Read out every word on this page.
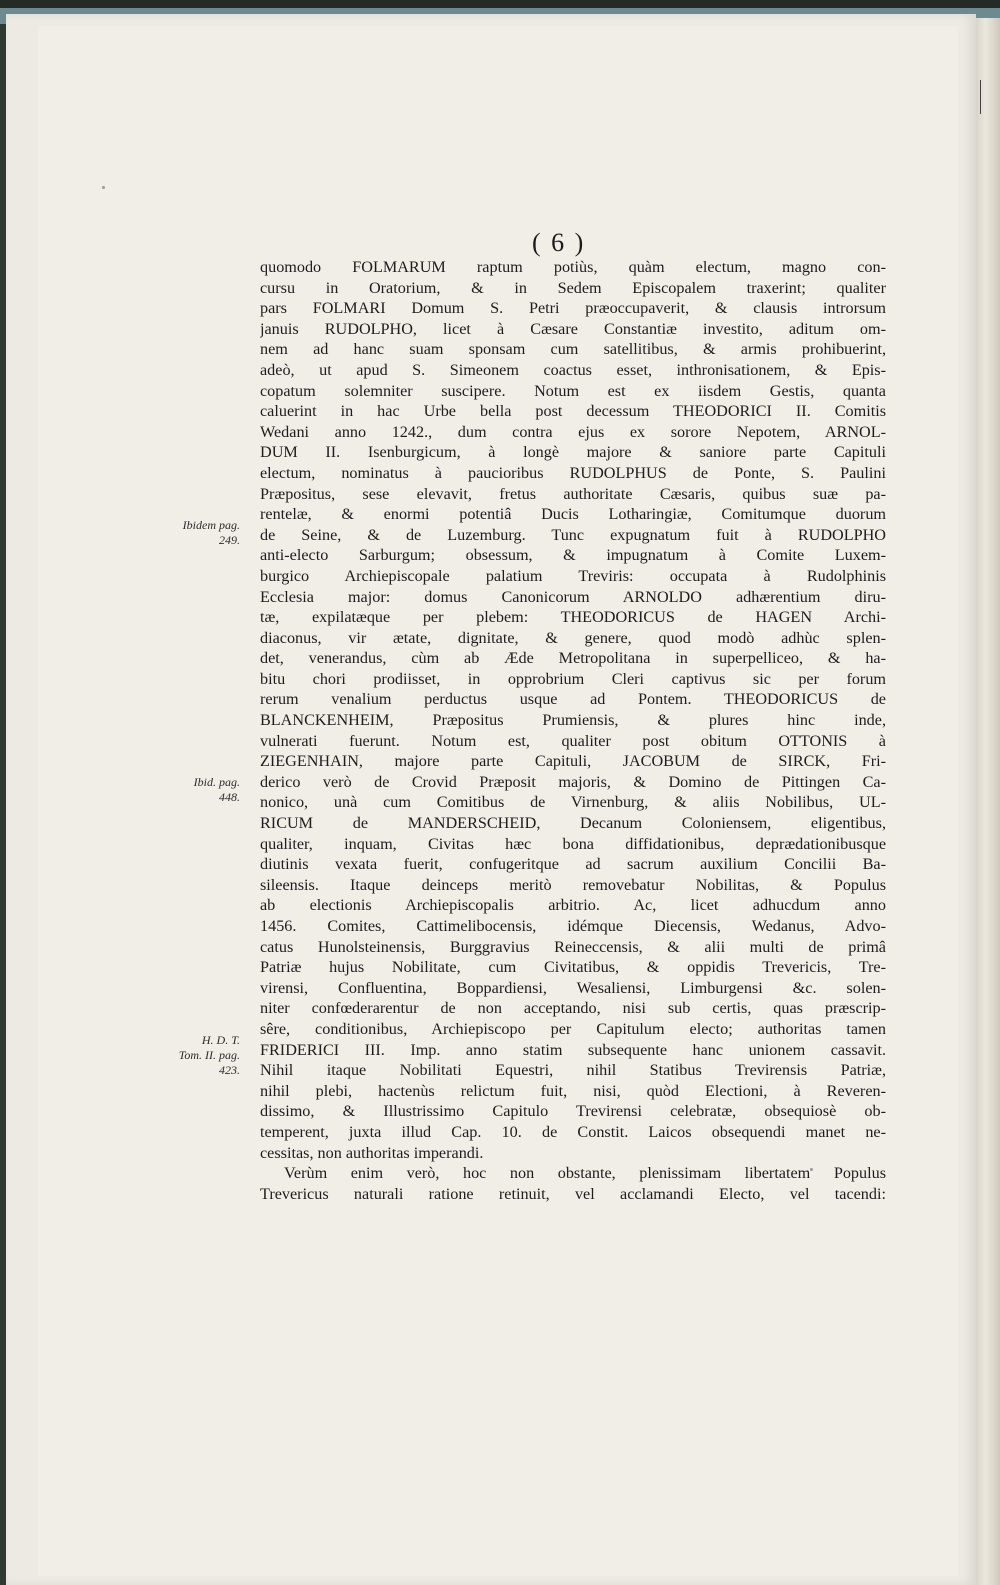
( 6 )
quomodo FOLMARUM raptum potiùs, quàm electum, magno con-
cursu in Oratorium, & in Sedem Episcopalem traxerint; qualiter
pars FOLMARI Domum S. Petri præoccupaverit, & clausis introrsum
januis RUDOLPHO, licet à Cæsare Constantiæ investito, aditum om-
nem ad hanc suam sponsam cum satellitibus, & armis prohibuerint,
adeò, ut apud S. Simeonem coactus esset, inthronisationem, & Epis-
copatum solemniter suscipere. Notum est ex iisdem Gestis, quanta
caluerint in hac Urbe bella post decessum THEODORICI II. Comitis
Wedani anno 1242., dum contra ejus ex sorore Nepotem, ARNOL-
DUM II. Isenburgicum, à longè majore & saniore parte Capituli
electum, nominatus à paucioribus RUDOLPHUS de Ponte, S. Paulini
Præpositus, sese elevavit, fretus authoritate Cæsaris, quibus suæ pa-
rentelæ, & enormi potentiâ Ducis Lotharingiæ, Comitumque duorum
de Seine, & de Luzemburg. Tunc expugnatum fuit à RUDOLPHO
anti-electo Sarburgum; obsessum, & impugnatum à Comite Luxem-
burgico Archiepiscopale palatium Treviris: occupata à Rudolphinis
Ecclesia major: domus Canonicorum ARNOLDO adhærentium diru-
tæ, expilatæque per plebem: THEODORICUS de HAGEN Archi-
diaconus, vir ætate, dignitate, & genere, quod modò adhùc splen-
det, venerandus, cùm ab Æde Metropolitana in superpelliceo, & ha-
bitu chori prodiisset, in opprobrium Cleri captivus sic per forum
rerum venalium perductus usque ad Pontem. THEODORICUS de
BLANCKENHEIM, Præpositus Prumiensis, & plures hinc inde,
vulnerati fuerunt. Notum est, qualiter post obitum OTTONIS à
ZIEGENHAIN, majore parte Capituli, JACOBUM de SIRCK, Fri-
derico verò de Crovid Præposit majoris, & Domino de Pittingen Ca-
nonico, unà cum Comitibus de Virnenburg, & aliis Nobilibus, UL-
RICUM de MANDERSCHEID, Decanum Coloniensem, eligentibus,
qualiter, inquam, Civitas hæc bona diffidationibus, deprædationibusque
diutinis vexata fuerit, confugeritque ad sacrum auxilium Concilii Ba-
sileensis. Itaque deinceps meritò removebatur Nobilitas, & Populus
ab electionis Archiepiscopalis arbitrio. Ac, licet adhucdum anno
1456. Comites, Cattimelibocensis, idémque Diecensis, Wedanus, Advo-
catus Hunolsteinensis, Burggravius Reineccensis, & alii multi de primâ
Patriæ hujus Nobilitate, cum Civitatibus, & oppidis Trevericis, Tre-
virensi, Confluentina, Boppardiensi, Wesaliensi, Limburgensi &c. solen-
niter confœderarentur de non acceptando, nisi sub certis, quas præscrip-
sêre, conditionibus, Archiepiscopo per Capitulum electo; authoritas tamen
FRIDERICI III. Imp. anno statim subsequente hanc unionem cassavit.
Nihil itaque Nobilitati Equestri, nihil Statibus Trevirensis Patriæ,
nihil plebi, hactenùs relictum fuit, nisi, quòd Electioni, à Reveren-
dissimo, & Illustrissimo Capitulo Trevirensi celebratæ, obsequiosè ob-
temperent, juxta illud Cap. 10. de Constit. Laicos obsequendi manet ne-
cessitas, non authoritas imperandi.
Verùm enim verò, hoc non obstante, plenissimam libertatem Populus
Trevericus naturali ratione retinuit, vel acclamandi Electo, vel tacendi:
Ibidem pag.
249.
Ibid. pag.
448.
H. D. T.
Tom. II. pag.
423.
